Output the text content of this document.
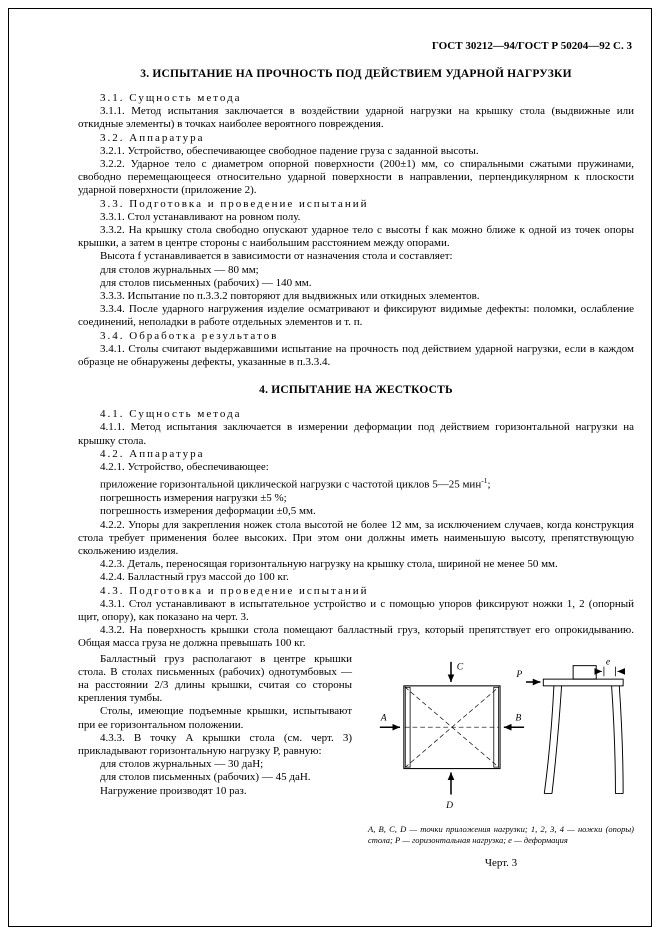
ГОСТ 30212—94/ГОСТ Р 50204—92 С. 3
3. ИСПЫТАНИЕ НА ПРОЧНОСТЬ ПОД ДЕЙСТВИЕМ УДАРНОЙ НАГРУЗКИ

3.1. Сущность метода

3.1.1. Метод испытания заключается в воздействии ударной нагрузки на крышку стола (выдвижные или откидные элементы) в точках наиболее вероятного повреждения.

3.2. Аппаратура

3.2.1. Устройство, обеспечивающее свободное падение груза с заданной высоты.

3.2.2. Ударное тело с диаметром опорной поверхности (200±1) мм, со спиральными сжатыми пружинами, свободно перемещающееся относительно ударной поверхности в направлении, перпендикулярном к плоскости ударной поверхности (приложение 2).

3.3. Подготовка и проведение испытаний

3.3.1. Стол устанавливают на ровном полу.

3.3.2. На крышку стола свободно опускают ударное тело с высоты f как можно ближе к одной из точек опоры крышки, а затем в центре стороны с наибольшим расстоянием между опорами.

Высота f устанавливается в зависимости от назначения стола и составляет:

для столов журнальных — 80 мм;

для столов письменных (рабочих) — 140 мм.

3.3.3. Испытание по п.3.3.2 повторяют для выдвижных или откидных элементов.

3.3.4. После ударного нагружения изделие осматривают и фиксируют видимые дефекты: поломки, ослабление соединений, неполадки в работе отдельных элементов и т. п.

3.4. Обработка результатов

3.4.1. Столы считают выдержавшими испытание на прочность под действием ударной нагрузки, если в каждом образце не обнаружены дефекты, указанные в п.3.3.4.

4. ИСПЫТАНИЕ НА ЖЕСТКОСТЬ

4.1. Сущность метода

4.1.1. Метод испытания заключается в измерении деформации под действием горизонтальной нагрузки на крышку стола.

4.2. Аппаратура

4.2.1. Устройство, обеспечивающее:

приложение горизонтальной циклической нагрузки с частотой циклов 5—25 мин$^{-1}$;

погрешность измерения нагрузки ±5 %;

погрешность измерения деформации ±0,5 мм.

4.2.2. Упоры для закрепления ножек стола высотой не более 12 мм, за исключением случаев, когда конструкция стола требует применения более высоких. При этом они должны иметь наименьшую высоту, препятствующую скольжению изделия.

4.2.3. Деталь, переносящая горизонтальную нагрузку на крышку стола, шириной не менее 50 мм.

4.2.4. Балластный груз массой до 100 кг.

4.3. Подготовка и проведение испытаний

4.3.1. Стол устанавливают в испытательное устройство и с помощью упоров фиксируют ножки 1, 2 (опорный щит, опору), как показано на черт. 3.

4.3.2. На поверхность крышки стола помещают балластный груз, который препятствует его опрокидыванию. Общая масса груза не должна превышать 100 кг.

Балластный груз располагают в центре крышки стола. В столах письменных (рабочих) однотумбовых — на расстоянии 2/3 длины крышки, считая со стороны крепления тумбы.

Столы, имеющие подъемные крышки, испытывают при ее горизонтальном положении.

4.3.3. В точку А крышки стола (см. черт. 3) прикладывают горизонтальную нагрузку Р, равную:

для столов журнальных — 30 даН;

для столов письменных (рабочих) — 45 даН.

Нагружение производят 10 раз.

С
D
А	В
Р
е
А, В, С, D — точки приложения нагрузки; 1, 2, 3, 4 — ножки (опоры) стола; Р — горизонтальная нагрузка; е — деформация
Черт. 3
